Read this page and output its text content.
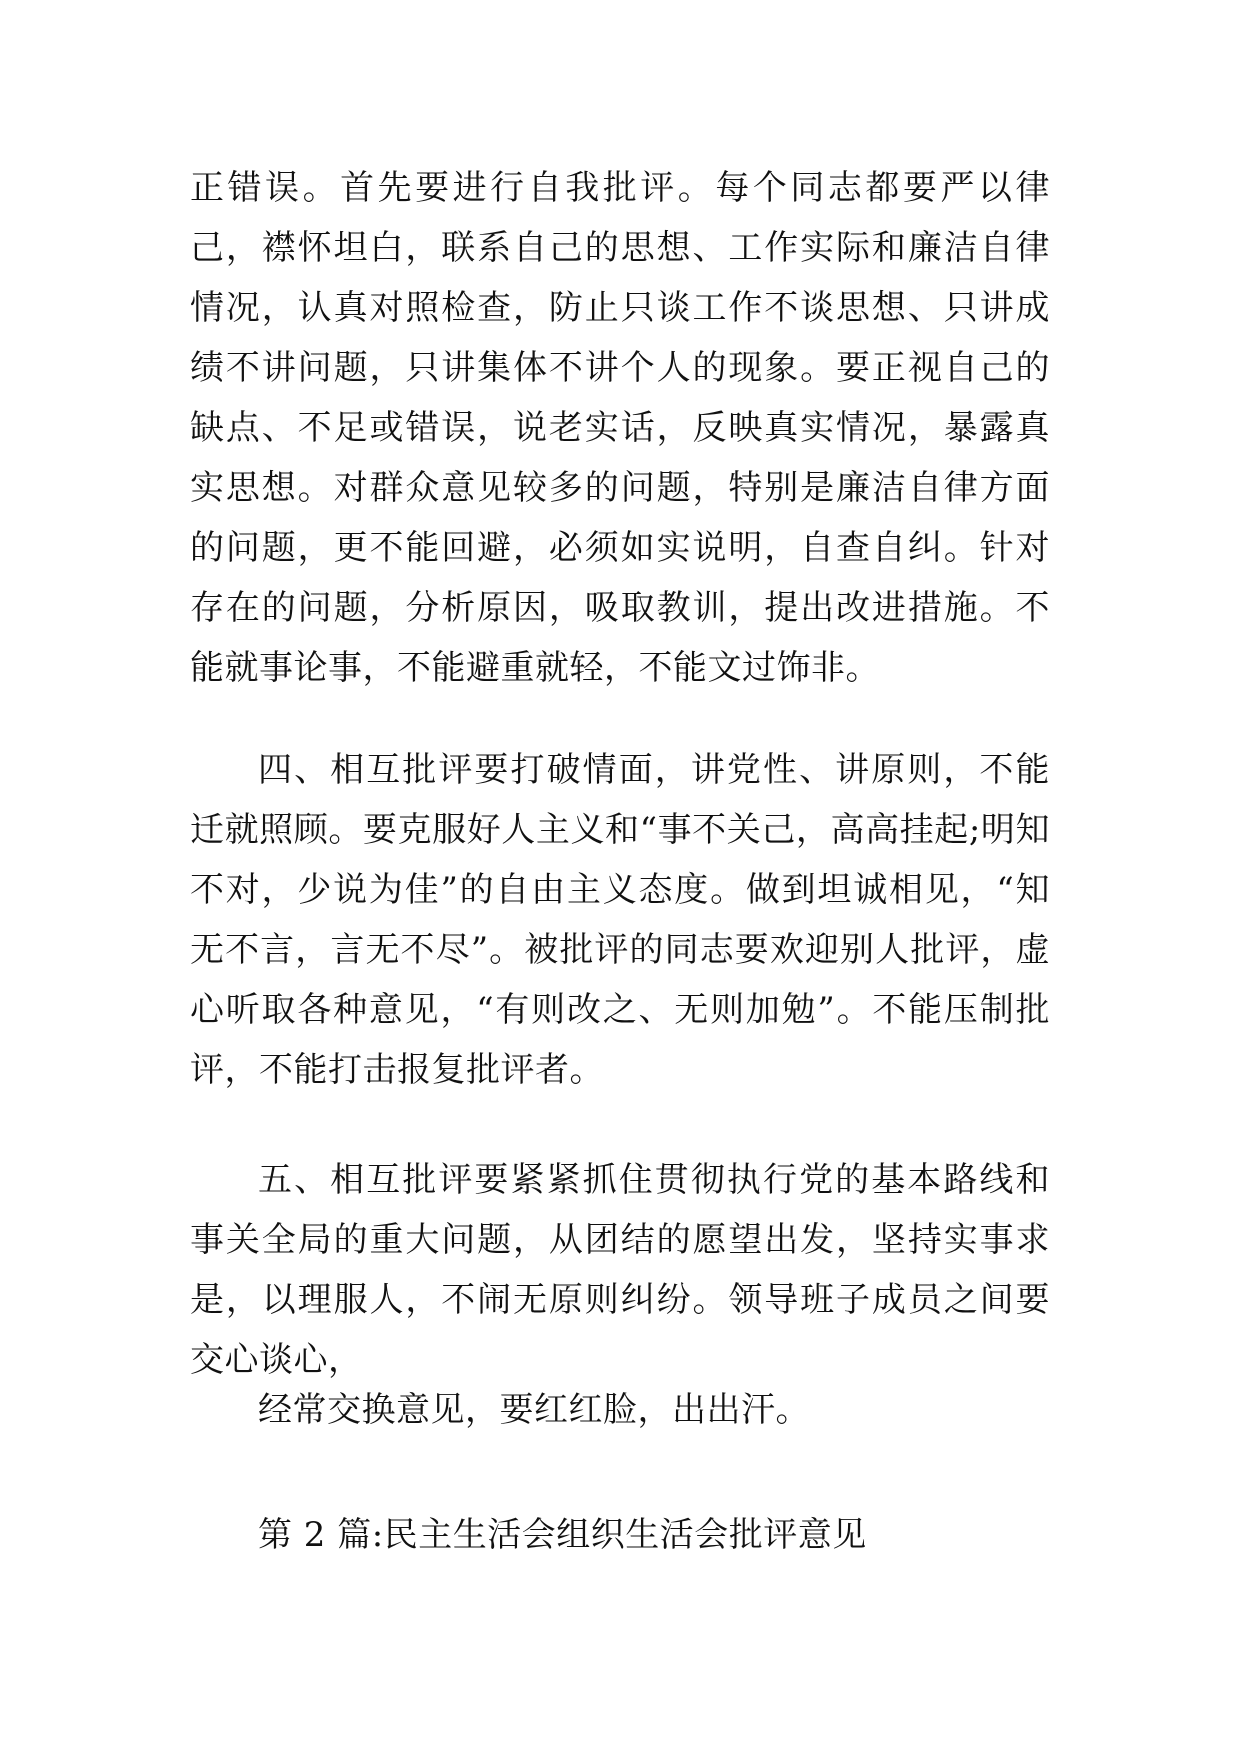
正错误。首先要进行自我批评。每个同志都要严以律己，襟怀坦白，联系自己的思想、工作实际和廉洁自律情况，认真对照检查，防止只谈工作不谈思想、只讲成绩不讲问题，只讲集体不讲个人的现象。要正视自己的缺点、不足或错误，说老实话，反映真实情况，暴露真实思想。对群众意见较多的问题，特别是廉洁自律方面的问题，更不能回避，必须如实说明，自查自纠。针对存在的问题，分析原因，吸取教训，提出改进措施。不能就事论事，不能避重就轻，不能文过饰非。

四、相互批评要打破情面，讲党性、讲原则，不能迁就照顾。要克服好人主义和“事不关己，高高挂起;明知不对，少说为佳”的自由主义态度。做到坦诚相见，“知无不言，言无不尽”。被批评的同志要欢迎别人批评，虚心听取各种意见，“有则改之、无则加勉”。不能压制批评，不能打击报复批评者。

五、相互批评要紧紧抓住贯彻执行党的基本路线和事关全局的重大问题，从团结的愿望出发，坚持实事求是，以理服人，不闹无原则纠纷。领导班子成员之间要交心谈心，

经常交换意见，要红红脸，出出汗。

第 2 篇:民主生活会组织生活会批评意见
